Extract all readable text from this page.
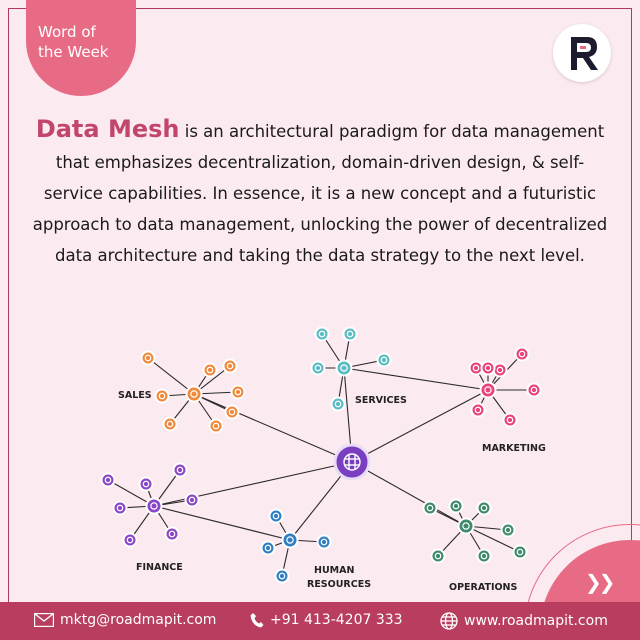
Word of
the Week
Data Mesh is an architectural paradigm for data management that emphasizes decentralization, domain-driven design, & self-service capabilities. In essence, it is a new concept and a futuristic approach to data management, unlocking the power of decentralized data architecture and taking the data strategy to the next level.
SALES	SERVICES
MARKETING
FINANCE	HUMAN
RESOURCES	OPERATIONS	❯❯
mktg@roadmapit.com	+91 413-4207 333	www.roadmapit.com
